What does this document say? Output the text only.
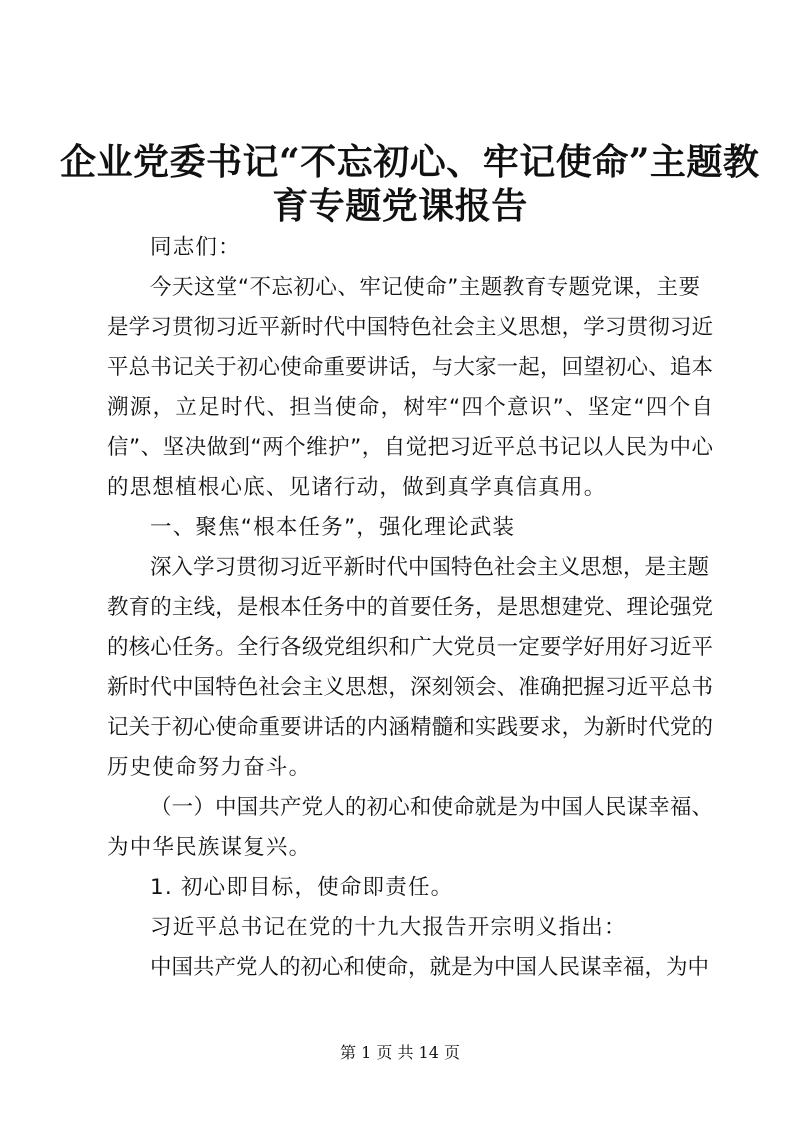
企业党委书记“不忘初心、牢记使命”主题教
育专题党课报告
同志们：
今天这堂“不忘初心、牢记使命”主题教育专题党课，主要
是学习贯彻习近平新时代中国特色社会主义思想，学习贯彻习近
平总书记关于初心使命重要讲话，与大家一起，回望初心、追本
溯源，立足时代、担当使命，树牢“四个意识”、坚定“四个自
信”、坚决做到“两个维护”，自觉把习近平总书记以人民为中心
的思想植根心底、见诸行动，做到真学真信真用。
一、聚焦“根本任务”，强化理论武装
深入学习贯彻习近平新时代中国特色社会主义思想，是主题
教育的主线，是根本任务中的首要任务，是思想建党、理论强党
的核心任务。全行各级党组织和广大党员一定要学好用好习近平
新时代中国特色社会主义思想，深刻领会、准确把握习近平总书
记关于初心使命重要讲话的内涵精髓和实践要求，为新时代党的
历史使命努力奋斗。
（一）中国共产党人的初心和使命就是为中国人民谋幸福、
为中华民族谋复兴。
1. 初心即目标，使命即责任。
习近平总书记在党的十九大报告开宗明义指出：
中国共产党人的初心和使命，就是为中国人民谋幸福，为中
第 1 页 共 14 页
